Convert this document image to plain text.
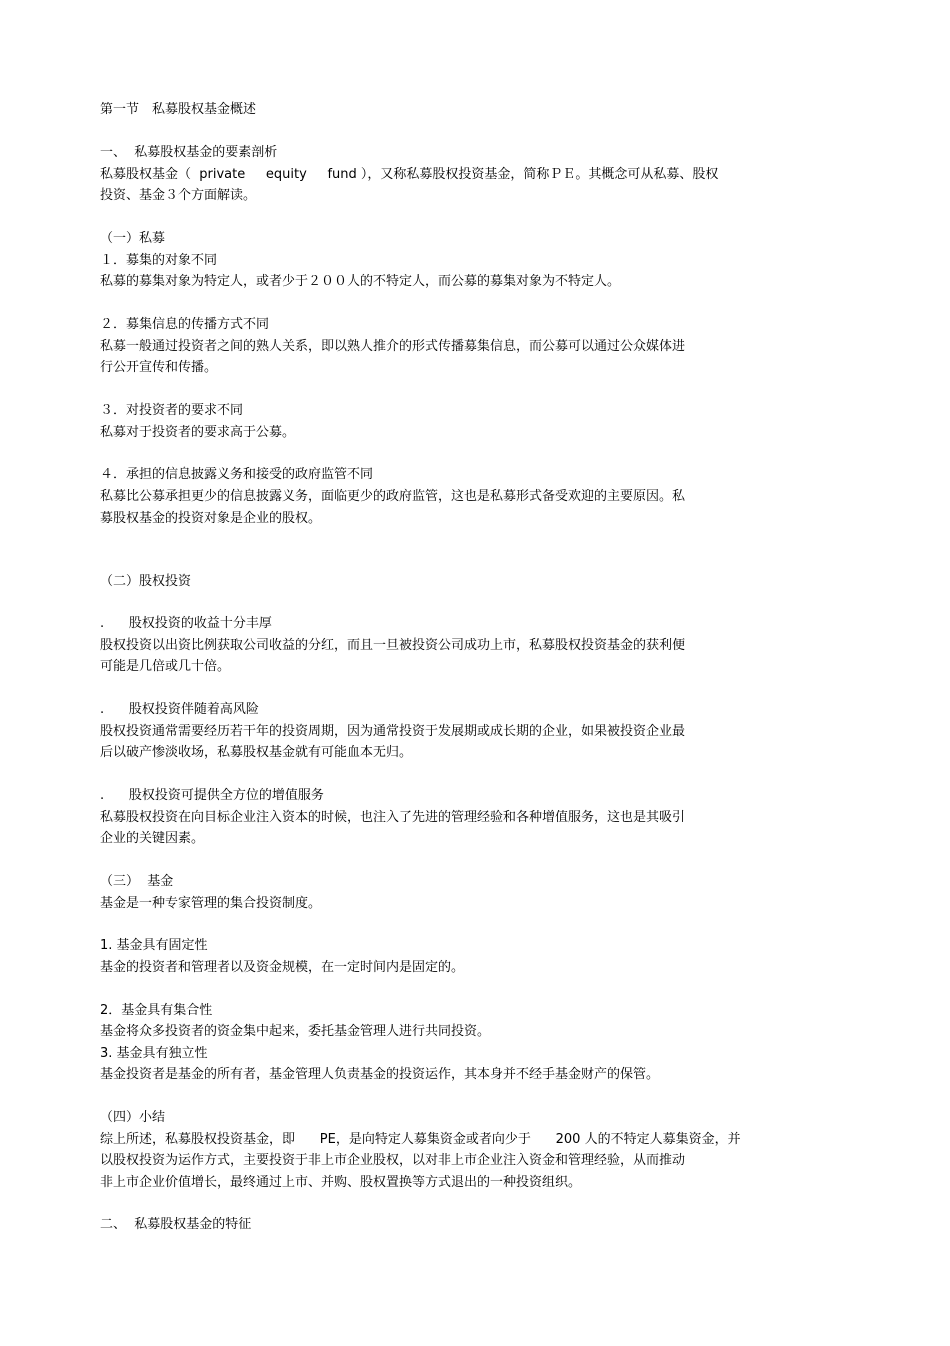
第一节　私募股权基金概述
一、  私募股权基金的要素剖析
私募股权基金（  private     equity     fund ），又称私募股权投资基金，简称ＰＥ。其概念可从私募、股权
投资、基金３个方面解读。
（一）私募
１．募集的对象不同
私募的募集对象为特定人，或者少于２００人的不特定人，而公募的募集对象为不特定人。
２．募集信息的传播方式不同
私募一般通过投资者之间的熟人关系，即以熟人推介的形式传播募集信息，而公募可以通过公众媒体进
行公开宣传和传播。
３．对投资者的要求不同
私募对于投资者的要求高于公募。
４．承担的信息披露义务和接受的政府监管不同
私募比公募承担更少的信息披露义务，面临更少的政府监管，这也是私募形式备受欢迎的主要原因。私
募股权基金的投资对象是企业的股权。
（二）股权投资
.      股权投资的收益十分丰厚
股权投资以出资比例获取公司收益的分红，而且一旦被投资公司成功上市，私募股权投资基金的获利便
可能是几倍或几十倍。
.      股权投资伴随着高风险
股权投资通常需要经历若干年的投资周期，因为通常投资于发展期或成长期的企业，如果被投资企业最
后以破产惨淡收场，私募股权基金就有可能血本无归。
.      股权投资可提供全方位的增值服务
私募股权投资在向目标企业注入资本的时候，也注入了先进的管理经验和各种增值服务，这也是其吸引
企业的关键因素。
（三）  基金
基金是一种专家管理的集合投资制度。
1. 基金具有固定性
基金的投资者和管理者以及资金规模，在一定时间内是固定的。
2．基金具有集合性
基金将众多投资者的资金集中起来，委托基金管理人进行共同投资。
3. 基金具有独立性
基金投资者是基金的所有者，基金管理人负责基金的投资运作，其本身并不经手基金财产的保管。
（四）小结
综上所述，私募股权投资基金，即      PE，是向特定人募集资金或者向少于      200 人的不特定人募集资金，并
以股权投资为运作方式，主要投资于非上市企业股权，以对非上市企业注入资金和管理经验，从而推动
非上市企业价值增长，最终通过上市、并购、股权置换等方式退出的一种投资组织。
二、  私募股权基金的特征
